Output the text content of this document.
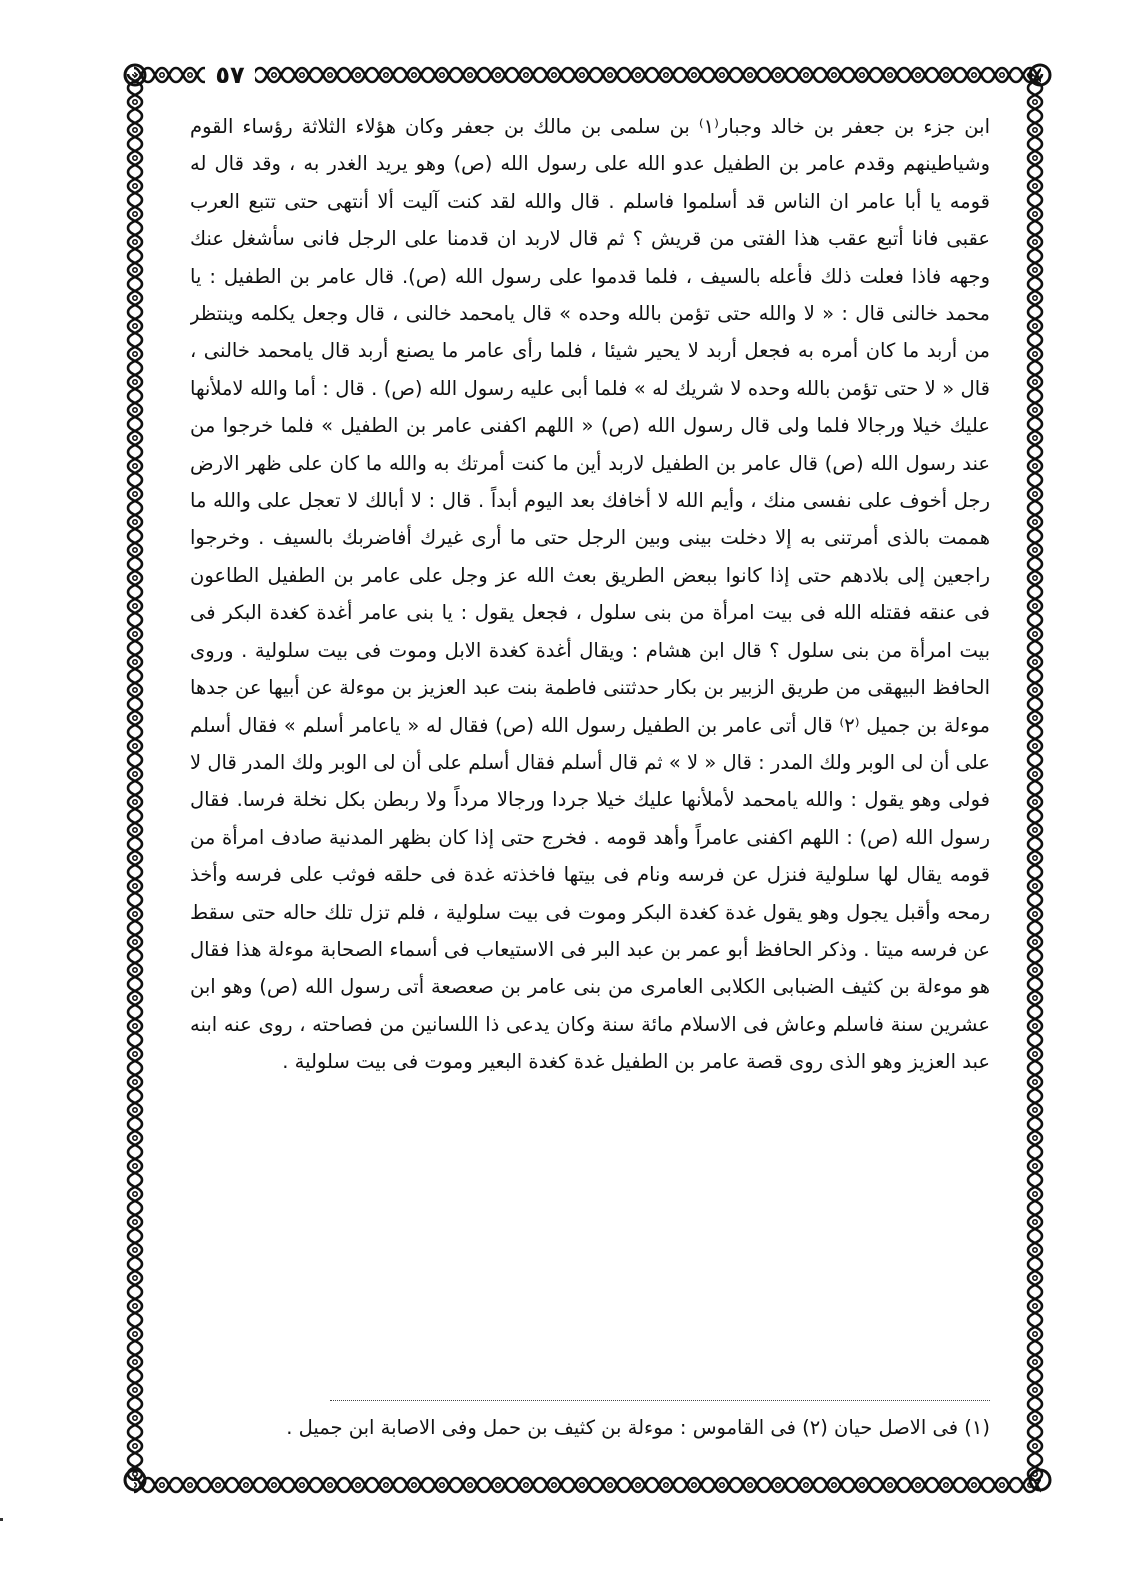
٥٧

ابن جزء بن جعفر بن خالد وجبار⁽١⁾ بن سلمى بن مالك بن جعفر وكان هؤلاء الثلاثة رؤساء القوم وشياطينهم وقدم عامر بن الطفيل عدو الله على رسول الله (ص) وهو يريد الغدر به ، وقد قال له قومه يا أبا عامر ان الناس قد أسلموا فاسلم . قال والله لقد كنت آليت ألا أنتهى حتى تتبع العرب عقبى فانا أتبع عقب هذا الفتى من قريش ؟ ثم قال لاربد ان قدمنا على الرجل فانى سأشغل عنك وجهه فاذا فعلت ذلك فأعله بالسيف ، فلما قدموا على رسول الله (ص). قال عامر بن الطفيل : يا محمد خالنى قال : « لا والله حتى تؤمن بالله وحده » قال يامحمد خالنى ، قال وجعل يكلمه وينتظر من أربد ما كان أمره به فجعل أربد لا يحير شيئا ، فلما رأى عامر ما يصنع أربد قال يامحمد خالنى ، قال « لا حتى تؤمن بالله وحده لا شريك له » فلما أبى عليه رسول الله (ص) . قال : أما والله لاملأنها عليك خيلا ورجالا فلما ولى قال رسول الله (ص) « اللهم اكفنى عامر بن الطفيل » فلما خرجوا من عند رسول الله (ص) قال عامر بن الطفيل لاربد أين ما كنت أمرتك به والله ما كان على ظهر الارض رجل أخوف على نفسى منك ، وأيم الله لا أخافك بعد اليوم أبداً . قال : لا أبالك لا تعجل على والله ما هممت بالذى أمرتنى به إلا دخلت بينى وبين الرجل حتى ما أرى غيرك أفاضربك بالسيف . وخرجوا راجعين إلى بلادهم حتى إذا كانوا ببعض الطريق بعث الله عز وجل على عامر بن الطفيل الطاعون فى عنقه فقتله الله فى بيت امرأة من بنى سلول ، فجعل يقول : يا بنى عامر أغدة كغدة البكر فى بيت امرأة من بنى سلول ؟ قال ابن هشام : ويقال أغدة كغدة الابل وموت فى بيت سلولية . وروى الحافظ البيهقى من طريق الزبير بن بكار حدثتنى فاطمة بنت عبد العزيز بن موءلة عن أبيها عن جدها موءلة بن جميل ⁽٢⁾ قال أتى عامر بن الطفيل رسول الله (ص) فقال له « ياعامر أسلم » فقال أسلم على أن لى الوبر ولك المدر : قال « لا » ثم قال أسلم فقال أسلم على أن لى الوبر ولك المدر قال لا فولى وهو يقول : والله يامحمد لأملأنها عليك خيلا جردا ورجالا مرداً ولا ربطن بكل نخلة فرسا. فقال رسول الله (ص) : اللهم اكفنى عامراً وأهد قومه . فخرج حتى إذا كان بظهر المدنية صادف امرأة من قومه يقال لها سلولية فنزل عن فرسه ونام فى بيتها فاخذته غدة فى حلقه فوثب على فرسه وأخذ رمحه وأقبل يجول وهو يقول غدة كغدة البكر وموت فى بيت سلولية ، فلم تزل تلك حاله حتى سقط عن فرسه ميتا . وذكر الحافظ أبو عمر بن عبد البر فى الاستيعاب فى أسماء الصحابة موءلة هذا فقال هو موءلة بن كثيف الضبابى الكلابى العامرى من بنى عامر بن صعصعة أتى رسول الله (ص) وهو ابن عشرين سنة فاسلم وعاش فى الاسلام مائة سنة وكان يدعى ذا اللسانين من فصاحته ، روى عنه ابنه عبد العزيز وهو الذى روى قصة عامر بن الطفيل غدة كغدة البعير وموت فى بيت سلولية .

(١) فى الاصل حيان (٢) فى القاموس : موءلة بن كثيف بن حمل وفى الاصابة ابن جميل .
